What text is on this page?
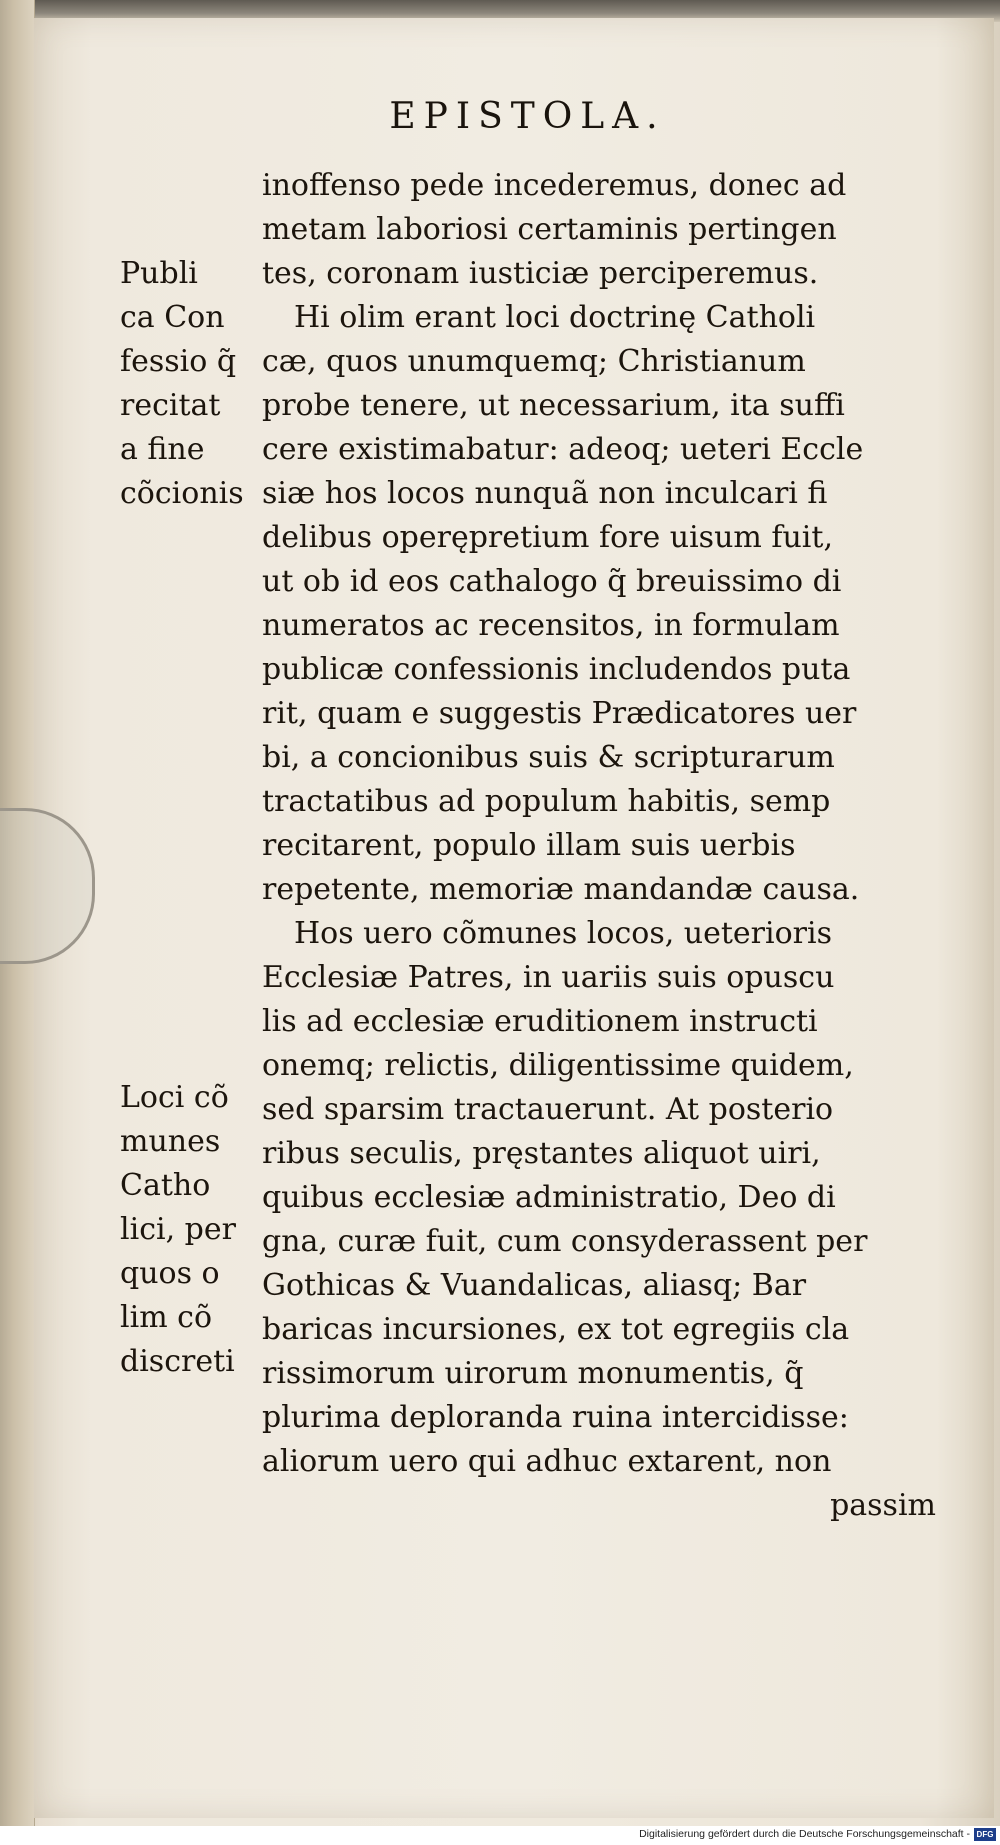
EPISTOLA.
inoffenso pede incederemus, donec ad
metam laboriosi certaminis pertingen
tes, coronam iusticiæ perciperemus.
Hi olim erant loci doctrinę Catholi
cæ, quos unumquemq; Christianum
probe tenere, ut necessarium, ita suffi
cere existimabatur: adeoq; ueteri Eccle
siæ hos locos nunquã non inculcari fi
delibus operępretium fore uisum fuit,
ut ob id eos cathalogo q̃ breuissimo di
numeratos ac recensitos, in formulam
publicæ confessionis includendos puta
rit, quam e suggestis Prædicatores uer
bi, a concionibus suis & scripturarum
tractatibus ad populum habitis, semp
recitarent, populo illam suis uerbis
repetente, memoriæ mandandæ causa.
Hos uero cõmunes locos, ueterioris
Ecclesiæ Patres, in uariis suis opuscu
lis ad ecclesiæ eruditionem instructi
onemq; relictis, diligentissime quidem,
sed sparsim tractauerunt. At posterio
ribus seculis, pręstantes aliquot uiri,
quibus ecclesiæ administratio, Deo di
gna, curæ fuit, cum consyderassent per
Gothicas & Vuandalicas, aliasq; Bar
baricas incursiones, ex tot egregiis cla
rissimorum uirorum monumentis, q̃
plurima deploranda ruina intercidisse:
aliorum uero qui adhuc extarent, non
passim
Publi
ca Con
fessio q̃
recitat
a fine
cõcionis
Loci cõ
munes
Catho
lici, per
quos o
lim cõ
discreti
Digitalisierung gefördert durch die Deutsche Forschungsgemeinschaft - DFG
